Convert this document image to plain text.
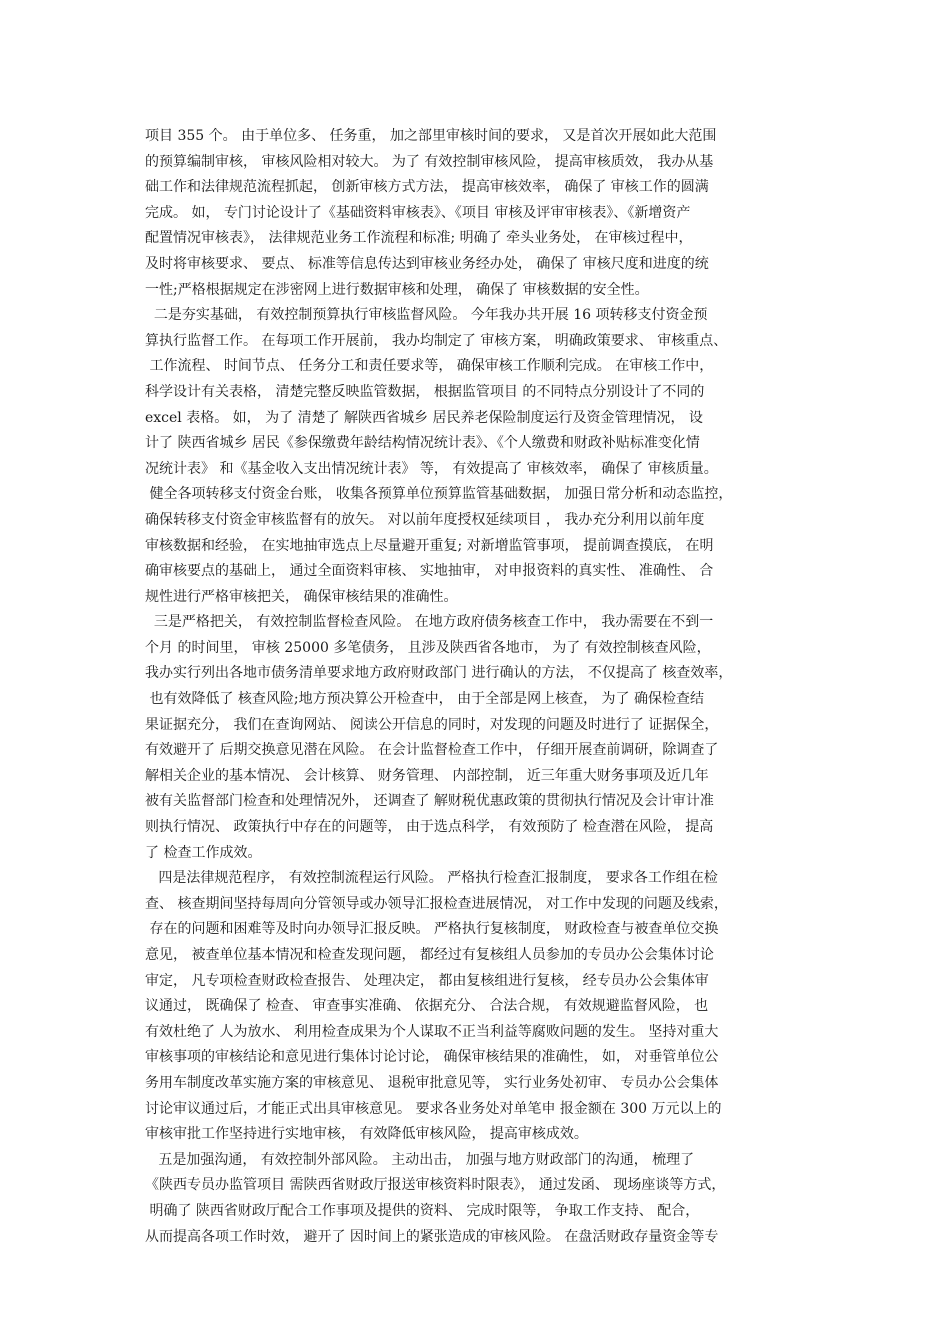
项目 355 个。 由于单位多、 任务重， 加之部里审核时间的要求， 又是首次开展如此大范围
的预算编制审核， 审核风险相对较大。 为了 有效控制审核风险， 提高审核质效， 我办从基
础工作和法律规范流程抓起， 创新审核方式方法， 提高审核效率， 确保了 审核工作的圆满
完成。 如， 专门讨论设计了《基础资料审核表》、《项目 审核及评审审核表》、《新增资产
配置情况审核表》， 法律规范业务工作流程和标准; 明确了 牵头业务处， 在审核过程中，
及时将审核要求、 要点、 标准等信息传达到审核业务经办处， 确保了 审核尺度和进度的统
一性;严格根据规定在涉密网上进行数据审核和处理， 确保了 审核数据的安全性。
二是夯实基础， 有效控制预算执行审核监督风险。 今年我办共开展 16 项转移支付资金预
算执行监督工作。 在每项工作开展前， 我办均制定了 审核方案， 明确政策要求、 审核重点、
工作流程、 时间节点、 任务分工和责任要求等， 确保审核工作顺利完成。 在审核工作中，
科学设计有关表格， 清楚完整反映监管数据， 根据监管项目 的不同特点分别设计了不同的
excel 表格。 如， 为了 清楚了 解陕西省城乡 居民养老保险制度运行及资金管理情况， 设
计了 陕西省城乡 居民《参保缴费年龄结构情况统计表》、《个人缴费和财政补贴标准变化情
况统计表》 和《基金收入支出情况统计表》 等， 有效提高了 审核效率， 确保了 审核质量。
健全各项转移支付资金台账， 收集各预算单位预算监管基础数据， 加强日常分析和动态监控，
确保转移支付资金审核监督有的放矢。 对以前年度授权延续项目 ， 我办充分利用以前年度
审核数据和经验， 在实地抽审选点上尽量避开重复; 对新增监管事项， 提前调查摸底， 在明
确审核要点的基础上， 通过全面资料审核、 实地抽审， 对申报资料的真实性、 准确性、 合
规性进行严格审核把关， 确保审核结果的准确性。
三是严格把关， 有效控制监督检查风险。 在地方政府债务核查工作中， 我办需要在不到一
个月 的时间里， 审核 25000 多笔债务， 且涉及陕西省各地市， 为了 有效控制核查风险，
我办实行列出各地市债务清单要求地方政府财政部门 进行确认的方法， 不仅提高了 核查效率，
也有效降低了 核查风险;地方预决算公开检查中， 由于全部是网上核查， 为了 确保检查结
果证据充分， 我们在查询网站、 阅读公开信息的同时，对发现的问题及时进行了 证据保全，
有效避开了 后期交换意见潜在风险。 在会计监督检查工作中， 仔细开展查前调研，除调查了
解相关企业的基本情况、 会计核算、 财务管理、 内部控制， 近三年重大财务事项及近几年
被有关监督部门检查和处理情况外， 还调查了 解财税优惠政策的贯彻执行情况及会计审计准
则执行情况、 政策执行中存在的问题等， 由于选点科学， 有效预防了 检查潜在风险， 提高
了 检查工作成效。
四是法律规范程序， 有效控制流程运行风险。 严格执行检查汇报制度， 要求各工作组在检
查、 核查期间坚持每周向分管领导或办领导汇报检查进展情况， 对工作中发现的问题及线索，
存在的问题和困难等及时向办领导汇报反映。 严格执行复核制度， 财政检查与被查单位交换
意见， 被查单位基本情况和检查发现问题， 都经过有复核组人员参加的专员办公会集体讨论
审定， 凡专项检查财政检查报告、 处理决定， 都由复核组进行复核， 经专员办公会集体审
议通过， 既确保了 检查、 审查事实准确、 依据充分、 合法合规， 有效规避监督风险， 也
有效杜绝了 人为放水、 利用检查成果为个人谋取不正当利益等腐败问题的发生。 坚持对重大
审核事项的审核结论和意见进行集体讨论讨论， 确保审核结果的准确性， 如， 对垂管单位公
务用车制度改革实施方案的审核意见、 退税审批意见等， 实行业务处初审、 专员办公会集体
讨论审议通过后，才能正式出具审核意见。 要求各业务处对单笔申 报金额在 300 万元以上的
审核审批工作坚持进行实地审核， 有效降低审核风险， 提高审核成效。
五是加强沟通， 有效控制外部风险。 主动出击， 加强与地方财政部门的沟通， 梳理了
《陕西专员办监管项目 需陕西省财政厅报送审核资料时限表》， 通过发函、 现场座谈等方式，
明确了 陕西省财政厅配合工作事项及提供的资料、 完成时限等， 争取工作支持、 配合，
从而提高各项工作时效， 避开了 因时间上的紧张造成的审核风险。 在盘活财政存量资金等专
